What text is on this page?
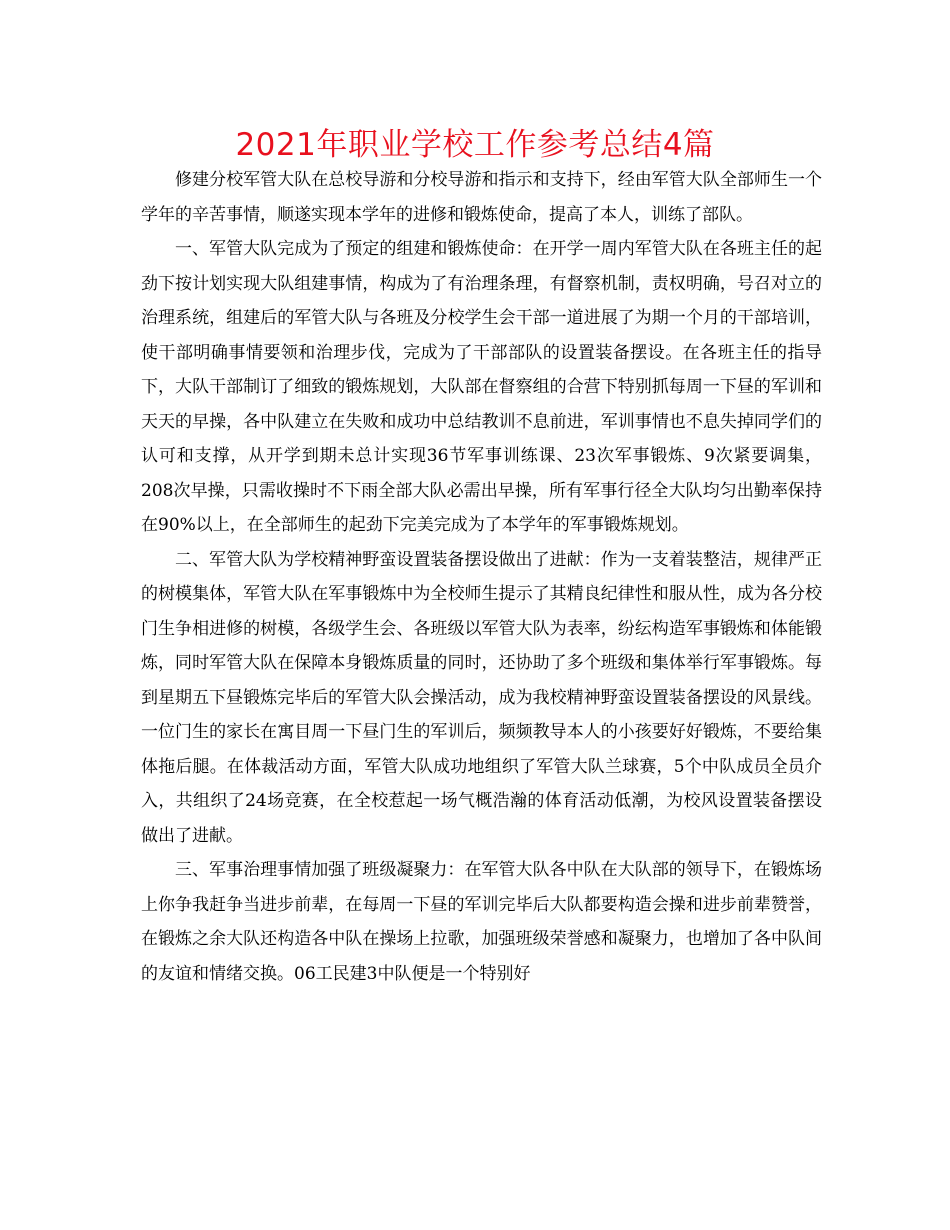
2021年职业学校工作参考总结4篇

修建分校军管大队在总校导游和分校导游和指示和支持下，经由军管大队全部师生一个学年的辛苦事情，顺遂实现本学年的进修和锻炼使命，提高了本人，训练了部队。

一、军管大队完成为了预定的组建和锻炼使命：在开学一周内军管大队在各班主任的起劲下按计划实现大队组建事情，构成为了有治理条理，有督察机制，责权明确，号召对立的治理系统，组建后的军管大队与各班及分校学生会干部一道进展了为期一个月的干部培训，使干部明确事情要领和治理步伐，完成为了干部部队的设置装备摆设。在各班主任的指导下，大队干部制订了细致的锻炼规划，大队部在督察组的合营下特别抓每周一下昼的军训和天天的早操，各中队建立在失败和成功中总结教训不息前进，军训事情也不息失掉同学们的认可和支撑，从开学到期未总计实现36节军事训练课、23次军事锻炼、9次紧要调集，208次早操，只需收操时不下雨全部大队必需出早操，所有军事行径全大队均匀出勤率保持在90%以上，在全部师生的起劲下完美完成为了本学年的军事锻炼规划。

二、军管大队为学校精神野蛮设置装备摆设做出了进献：作为一支着装整洁，规律严正的树模集体，军管大队在军事锻炼中为全校师生提示了其精良纪律性和服从性，成为各分校门生争相进修的树模，各级学生会、各班级以军管大队为表率，纷纭构造军事锻炼和体能锻炼，同时军管大队在保障本身锻炼质量的同时，还协助了多个班级和集体举行军事锻炼。每到星期五下昼锻炼完毕后的军管大队会操活动，成为我校精神野蛮设置装备摆设的风景线。一位门生的家长在寓目周一下昼门生的军训后，频频教导本人的小孩要好好锻炼，不要给集体拖后腿。在体裁活动方面，军管大队成功地组织了军管大队兰球赛，5个中队成员全员介入，共组织了24场竞赛，在全校惹起一场气概浩瀚的体育活动低潮，为校风设置装备摆设做出了进献。

三、军事治理事情加强了班级凝聚力：在军管大队各中队在大队部的领导下，在锻炼场上你争我赶争当进步前辈，在每周一下昼的军训完毕后大队都要构造会操和进步前辈赞誉，在锻炼之余大队还构造各中队在操场上拉歌，加强班级荣誉感和凝聚力，也增加了各中队间的友谊和情绪交换。06工民建3中队便是一个特别好
